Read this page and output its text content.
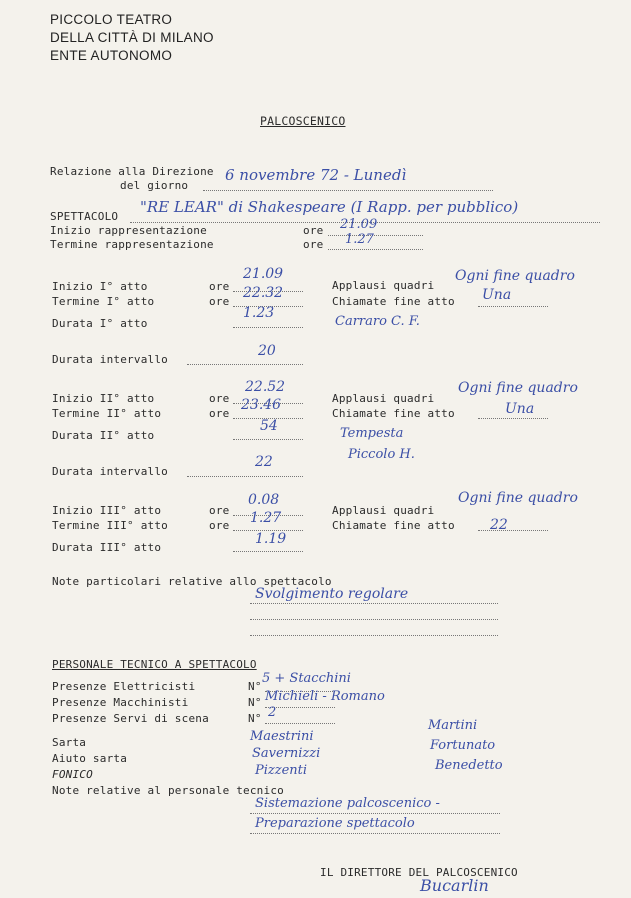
PICCOLO TEATRO
DELLA CITTÀ DI MILANO
ENTE AUTONOMO
PALCOSCENICO
Relazione alla Direzione
del giorno
6 novembre 72 - Lunedì
SPETTACOLO
"RE LEAR" di Shakespeare (I Rapp. per pubblico)
Inizio rappresentazione	ore 21.09
Termine rappresentazione	ore 1.27
Inizio I° atto
Termine I° atto
Durata I° atto
ore
ore
21.09
22.32
1.23
Applausi quadri
Chiamate fine atto
Ogni fine quadro
Una
Carraro C. F.
Durata intervallo
20
Inizio II° atto
Termine II° atto
Durata II° atto
ore
ore
22.52
23.46
54
Applausi quadri
Chiamate fine atto
Ogni fine quadro
Una
Tempesta
Piccolo H.
Durata intervallo
22
Inizio III° atto
Termine III° atto
Durata III° atto
ore
ore
0.08
1.27
1.19
Applausi quadri
Chiamate fine atto
Ogni fine quadro
22
Note particolari relative allo spettacolo
Svolgimento regolare
PERSONALE TECNICO A SPETTACOLO
Presenze Elettricisti
Presenze Macchinisti
Presenze Servi di scena
N°
N°
N°
5 + Stacchini
Michieli - Romano
2
Sarta
Aiuto sarta
FONICO
Maestrini
Savernizzi
Pizzenti
Martini
Fortunato
Benedetto
Note relative al personale tecnico
Sistemazione palcoscenico -
Preparazione spettacolo
IL DIRETTORE DEL PALCOSCENICO
Bucarlin
